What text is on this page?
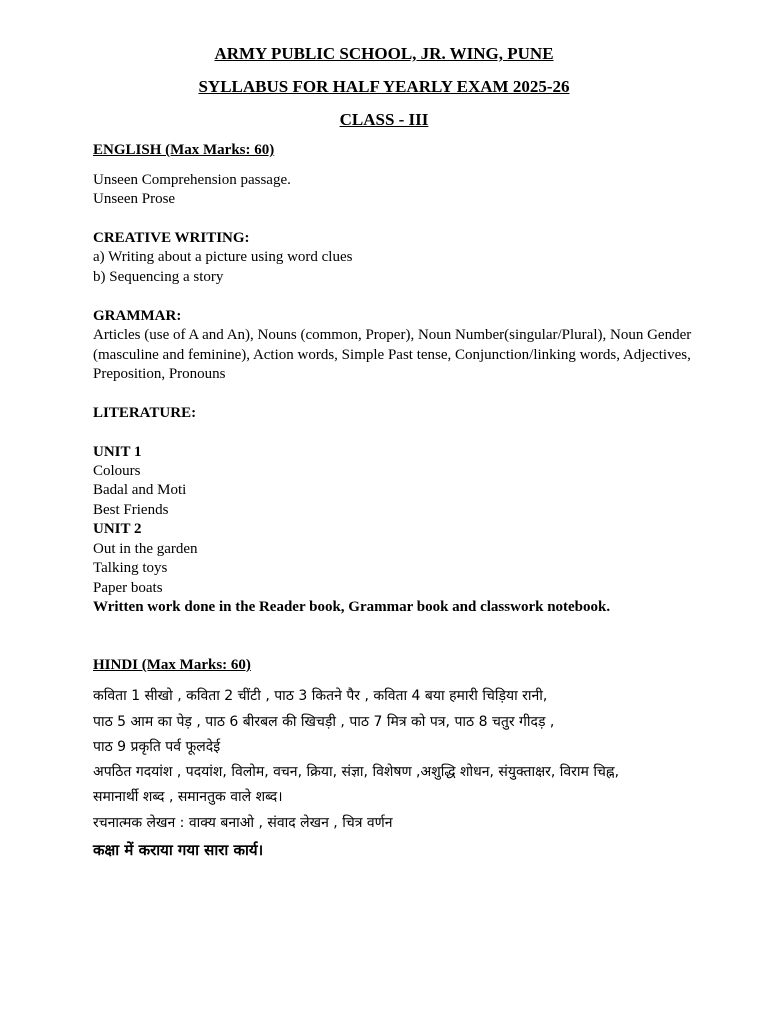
ARMY PUBLIC SCHOOL, JR. WING, PUNE
SYLLABUS FOR HALF YEARLY EXAM 2025-26
CLASS - III
ENGLISH (Max Marks: 60)
Unseen Comprehension passage.
Unseen Prose
CREATIVE WRITING:
a) Writing about a picture using word clues
b) Sequencing a story
GRAMMAR:
Articles (use of A and An), Nouns (common, Proper), Noun Number(singular/Plural), Noun Gender (masculine and feminine), Action words, Simple Past tense, Conjunction/linking words, Adjectives, Preposition, Pronouns
LITERATURE:
UNIT 1
Colours
Badal and Moti
Best Friends
UNIT 2
Out in the garden
Talking toys
Paper boats
Written work done in the Reader book, Grammar book and classwork notebook.
HINDI (Max Marks: 60)
कविता 1 सीखो , कविता 2 चींटी , पाठ 3 कितने पैर , कविता 4 बया हमारी चिड़िया रानी,
पाठ 5 आम का पेड़ , पाठ 6 बीरबल की खिचड़ी , पाठ 7 मित्र को पत्र, पाठ 8 चतुर गीदड़ ,
पाठ 9 प्रकृति पर्व फूलदेई
अपठित गदयांश , पदयांश, विलोम, वचन, क्रिया, संज्ञा, विशेषण ,अशुद्धि शोधन, संयुक्ताक्षर, विराम चिह्न,
समानार्थी शब्द , समानतुक वाले शब्द।
रचनात्मक लेखन : वाक्य बनाओ , संवाद लेखन , चित्र वर्णन
कक्षा में कराया गया सारा कार्य।
